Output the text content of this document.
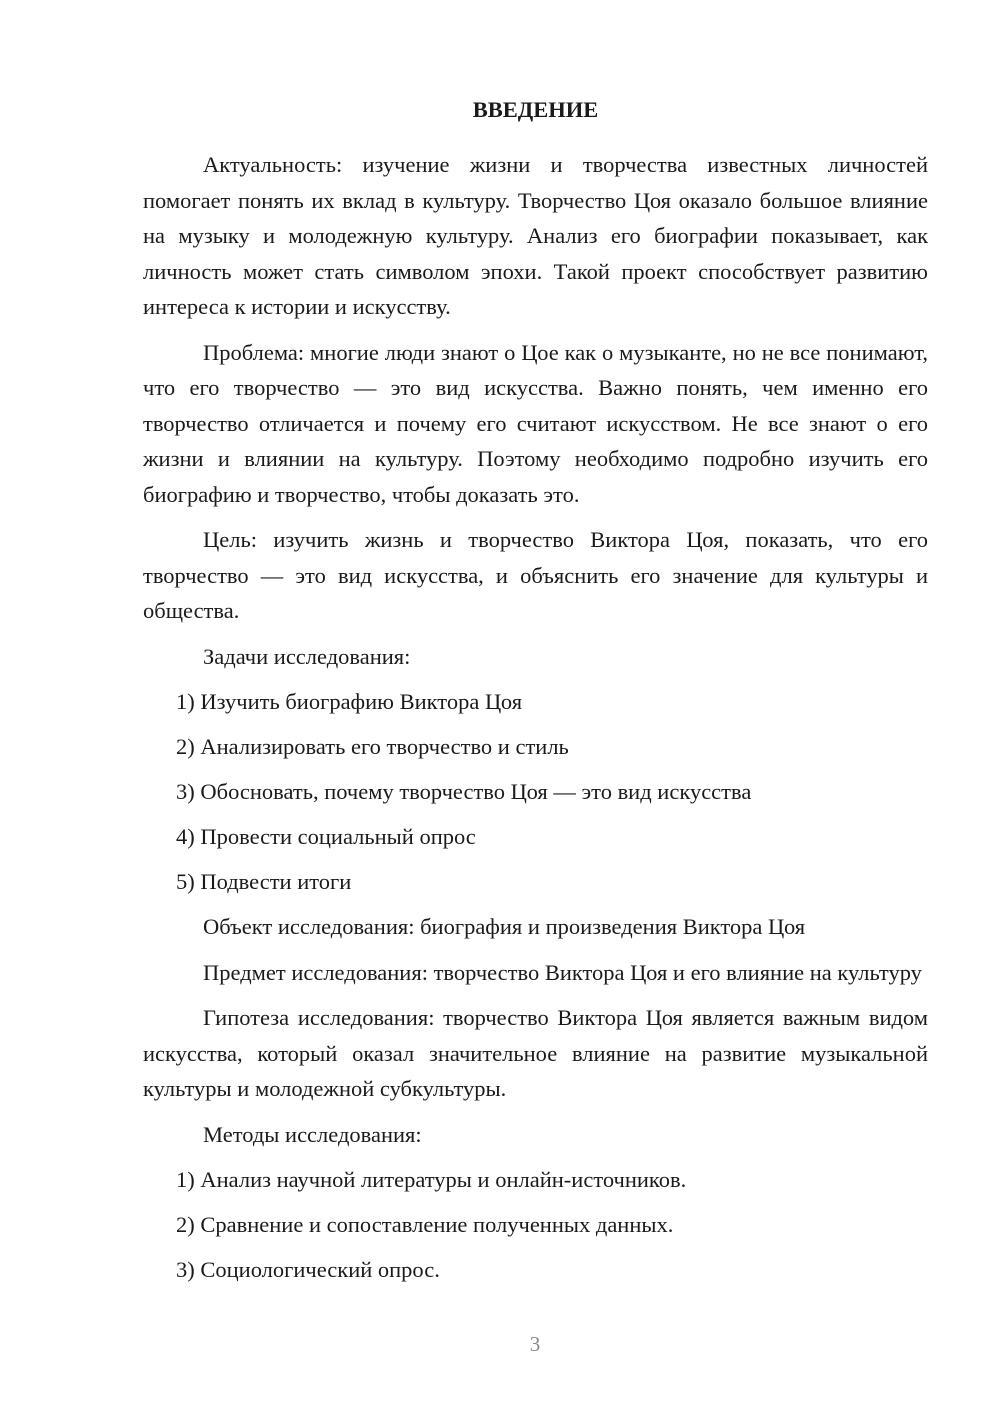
ВВЕДЕНИЕ

Актуальность: изучение жизни и творчества известных личностей помогает понять их вклад в культуру. Творчество Цоя оказало большое влияние на музыку и молодежную культуру. Анализ его биографии показывает, как личность может стать символом эпохи. Такой проект способствует развитию интереса к истории и искусству.

Проблема: многие люди знают о Цое как о музыканте, но не все понимают, что его творчество — это вид искусства. Важно понять, чем именно его творчество отличается и почему его считают искусством. Не все знают о его жизни и влиянии на культуру. Поэтому необходимо подробно изучить его биографию и творчество, чтобы доказать это.

Цель: изучить жизнь и творчество Виктора Цоя, показать, что его творчество — это вид искусства, и объяснить его значение для культуры и общества.

Задачи исследования:
1) Изучить биографию Виктора Цоя
2) Анализировать его творчество и стиль
3) Обосновать, почему творчество Цоя — это вид искусства
4) Провести социальный опрос
5) Подвести итоги

Объект исследования: биография и произведения Виктора Цоя

Предмет исследования: творчество Виктора Цоя и его влияние на культуру

Гипотеза исследования: творчество Виктора Цоя является важным видом искусства, который оказал значительное влияние на развитие музыкальной культуры и молодежной субкультуры.

Методы исследования:
1) Анализ научной литературы и онлайн-источников.
2) Сравнение и сопоставление полученных данных.
3) Социологический опрос.
3
